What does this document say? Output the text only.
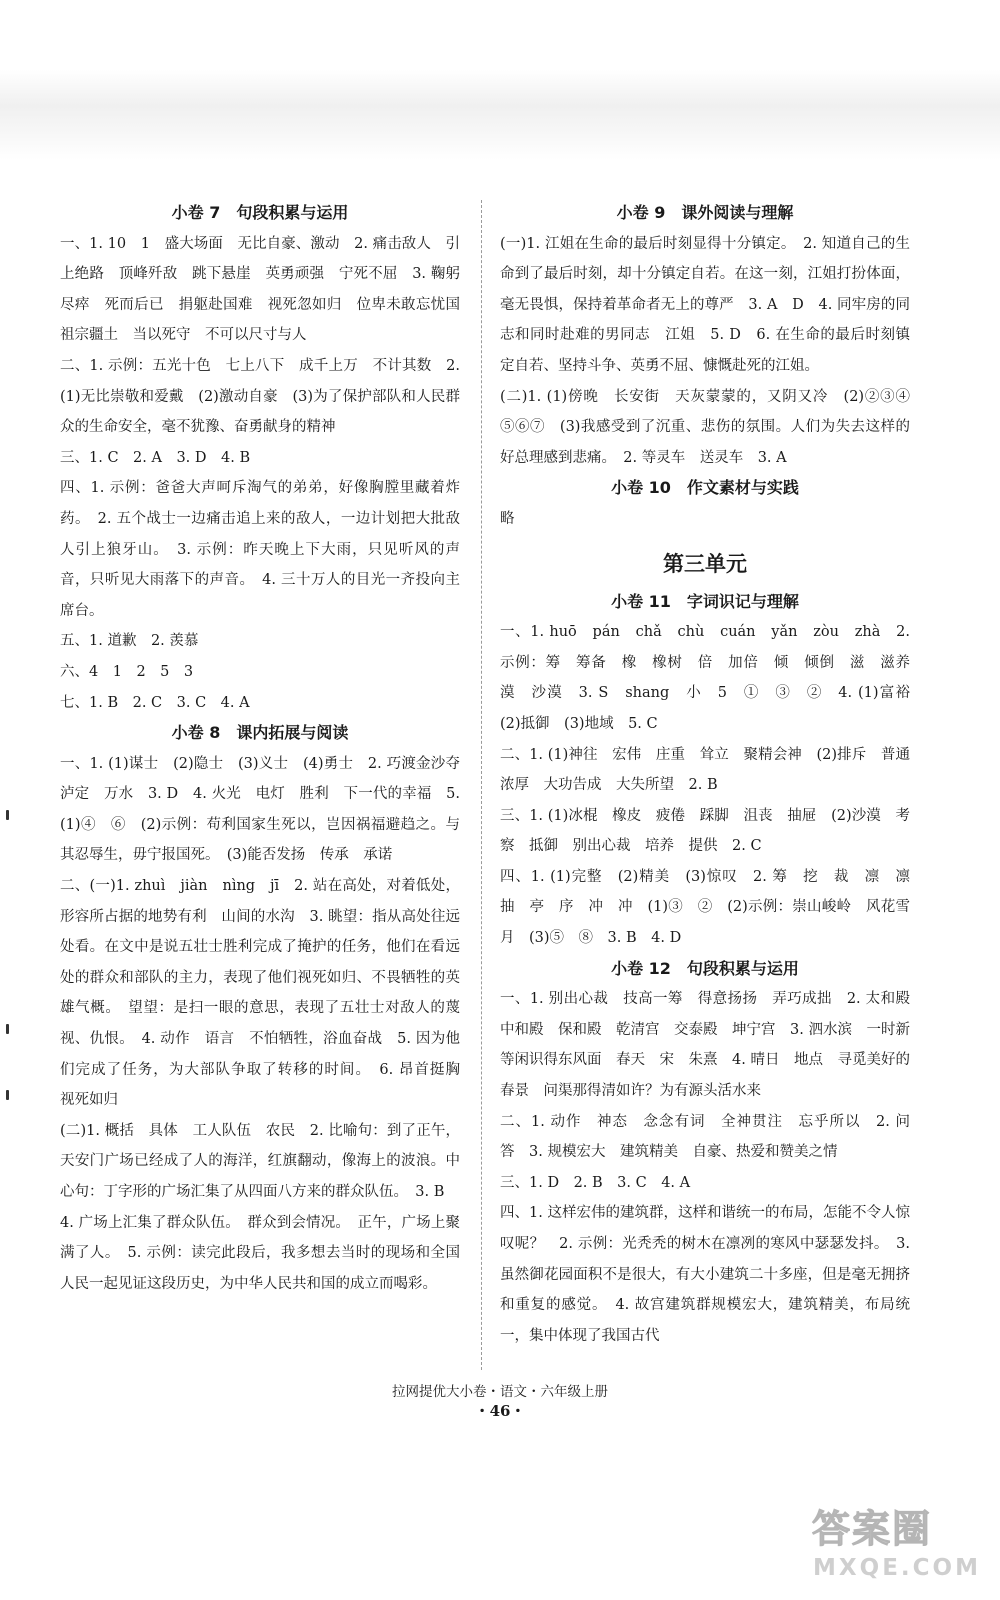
小卷 7　句段积累与运用

一、1. 10　1　盛大场面　无比自豪、激动　2. 痛击敌人　引上绝路　顶峰歼敌　跳下悬崖　英勇顽强　宁死不屈　3. 鞠躬尽瘁　死而后已　捐躯赴国难　视死忽如归　位卑未敢忘忧国　祖宗疆土　当以死守　不可以尺寸与人

二、1. 示例：五光十色　七上八下　成千上万　不计其数　2. (1)无比崇敬和爱戴　(2)激动自豪　(3)为了保护部队和人民群众的生命安全，毫不犹豫、奋勇献身的精神

三、1. C　2. A　3. D　4. B

四、1. 示例：爸爸大声呵斥淘气的弟弟，好像胸膛里藏着炸药。　2. 五个战士一边痛击追上来的敌人，一边计划把大批敌人引上狼牙山。　3. 示例：昨天晚上下大雨，只见听风的声音，只听见大雨落下的声音。　4. 三十万人的目光一齐投向主席台。

五、1. 道歉　2. 羡慕

六、4　1　2　5　3

七、1. B　2. C　3. C　4. A

小卷 8　课内拓展与阅读

一、1. (1)谋士　(2)隐士　(3)义士　(4)勇士　2. 巧渡金沙夺泸定　万水　3. D　4. 火光　电灯　胜利　下一代的幸福　5. (1)④　⑥　(2)示例：苟利国家生死以，岂因祸福避趋之。与其忍辱生，毋宁报国死。　(3)能否发扬　传承　承诺

二、(一)1. zhuì　jiàn　nìng　jī　2. 站在高处，对着低处，形容所占据的地势有利　山间的水沟　3. 眺望：指从高处往远处看。在文中是说五壮士胜利完成了掩护的任务，他们在看远处的群众和部队的主力，表现了他们视死如归、不畏牺牲的英雄气概。　望望：是扫一眼的意思，表现了五壮士对敌人的蔑视、仇恨。　4. 动作　语言　不怕牺牲，浴血奋战　5. 因为他们完成了任务，为大部队争取了转移的时间。　6. 昂首挺胸　视死如归

(二)1. 概括　具体　工人队伍　农民　2. 比喻句：到了正午，天安门广场已经成了人的海洋，红旗翻动，像海上的波浪。中心句：丁字形的广场汇集了从四面八方来的群众队伍。　3. B

4. 广场上汇集了群众队伍。　群众到会情况。　正午，广场上聚满了人。　5. 示例：读完此段后，我多想去当时的现场和全国人民一起见证这段历史，为中华人民共和国的成立而喝彩。

小卷 9　课外阅读与理解

(一)1. 江姐在生命的最后时刻显得十分镇定。　2. 知道自己的生命到了最后时刻，却十分镇定自若。在这一刻，江姐打扮体面，毫无畏惧，保持着革命者无上的尊严　3. A　D　4. 同牢房的同志和同时赴难的男同志　江姐　5. D　6. 在生命的最后时刻镇定自若、坚持斗争、英勇不屈、慷慨赴死的江姐。

(二)1. (1)傍晚　长安街　天灰蒙蒙的，又阴又冷　(2)②③④　⑤⑥⑦　(3)我感受到了沉重、悲伤的氛围。人们为失去这样的好总理感到悲痛。　2. 等灵车　送灵车　3. A

小卷 10　作文素材与实践

略

第三单元
小卷 11　字词识记与理解

一、1. huō　pán　chǎ　chù　cuán　yǎn　zòu　zhà　2. 示例：筹　筹备　橡　橡树　倍　加倍　倾　倾倒　滋　滋养　漠　沙漠　3. S　shang　小　5　①　③　②　4. (1)富裕　(2)抵御　(3)地域　5. C

二、1. (1)神往　宏伟　庄重　耸立　聚精会神　(2)排斥　普通　浓厚　大功告成　大失所望　2. B

三、1. (1)冰棍　橡皮　疲倦　踩脚　沮丧　抽屉　(2)沙漠　考察　抵御　别出心裁　培养　提供　2. C

四、1. (1)完整　(2)精美　(3)惊叹　2. 筹　挖　裁　凛　凛　抽　亭　序　冲　冲　(1)③　②　(2)示例：崇山峻岭　风花雪月　(3)⑤　⑧　3. B　4. D

小卷 12　句段积累与运用

一、1. 别出心裁　技高一筹　得意扬扬　弄巧成拙　2. 太和殿　中和殿　保和殿　乾清宫　交泰殿　坤宁宫　3. 泗水滨　一时新　等闲识得东风面　春天　宋　朱熹　4. 晴日　地点　寻觅美好的春景　问渠那得清如许？为有源头活水来

二、1. 动作　神态　念念有词　全神贯注　忘乎所以　2. 问　答　3. 规模宏大　建筑精美　自豪、热爱和赞美之情

三、1. D　2. B　3. C　4. A

四、1. 这样宏伟的建筑群，这样和谐统一的布局，怎能不令人惊叹呢？　2. 示例：光秃秃的树木在凛冽的寒风中瑟瑟发抖。　3. 虽然御花园面积不是很大，有大小建筑二十多座，但是毫无拥挤和重复的感觉。　4. 故宫建筑群规模宏大，建筑精美，布局统一，集中体现了我国古代

拉网提优大小卷・语文・六年级上册
・46・
答案圈
MXQE.COM
